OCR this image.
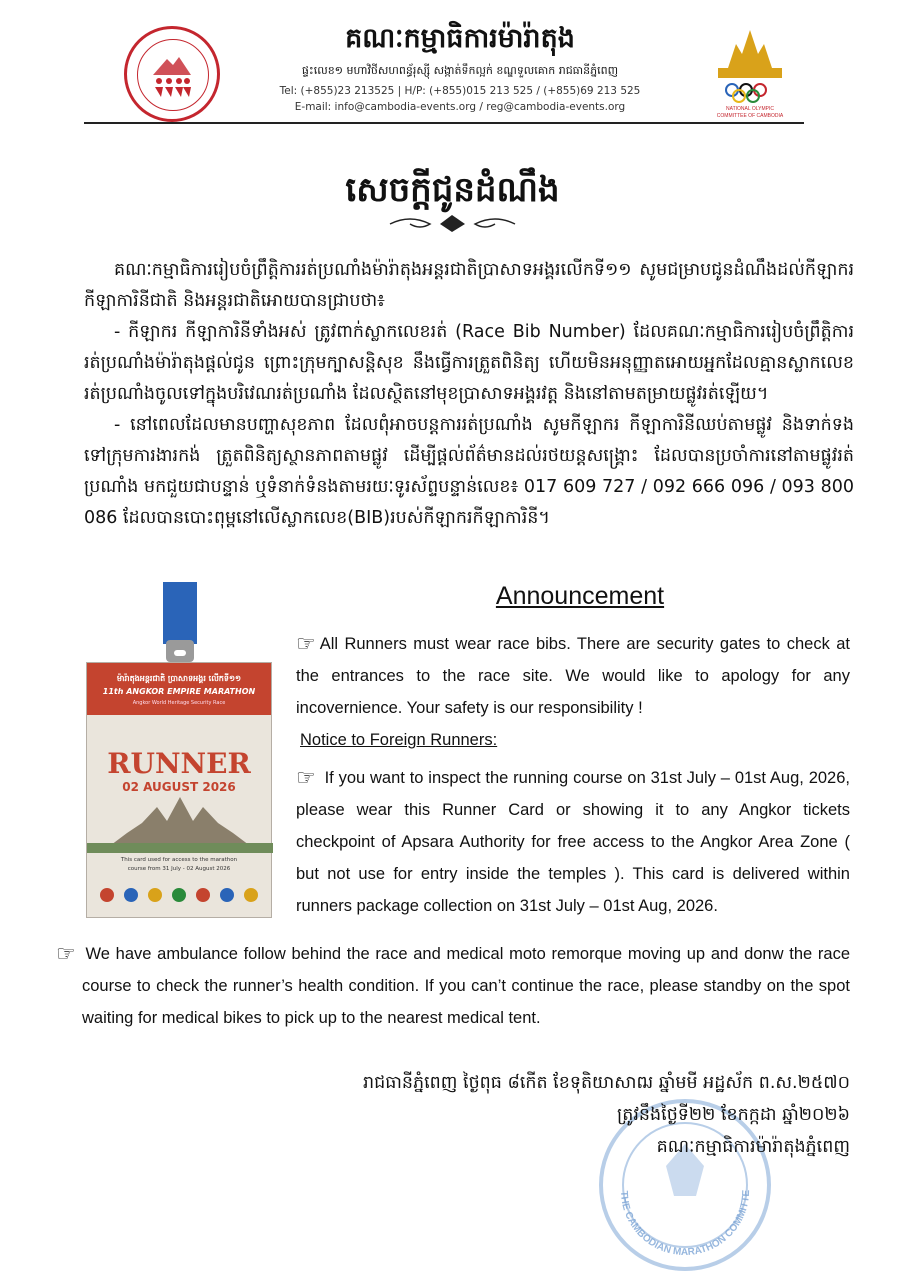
គណៈកម្មាធិការម៉ារ៉ាតុង
ផ្ទះលេខ១ មហាវិថីសហពន្ធ័រុស្ស៊ី សង្កាត់ទឹកល្អក់ ខណ្ឌទួលគោក រាជធានីភ្នំពេញ
Tel: (+855)23 213525 | H/P: (+855)015 213 525 / (+855)69 213 525
E-mail: info@cambodia-events.org / reg@cambodia-events.org	NATIONAL OLYMPIC
COMMITTEE OF CAMBODIA
សេចក្តីជូនដំណឹង

គណៈកម្មាធិការរៀបចំព្រឹត្តិការរត់ប្រណាំងម៉ារ៉ាតុងអន្តរជាតិប្រាសាទអង្គរលើកទី១១ សូមជម្រាបជូនដំណឹងដល់កីឡាករ កីឡាការិនីជាតិ និងអន្តរជាតិអោយបានជ្រាបថា៖

- កីឡាករ កីឡាការិនីទាំងអស់ ត្រូវពាក់ស្លាកលេខរត់ (Race Bib Number) ដែលគណៈកម្មាធិការរៀបចំព្រឹត្តិការរត់ប្រណាំងម៉ារ៉ាតុងផ្តល់ជូន ព្រោះក្រុមក្បាសន្តិសុខ នឹងធ្វើការត្រួតពិនិត្យ ហើយមិនអនុញ្ញាតអោយអ្នកដែលគ្មានស្លាកលេខរត់ប្រណាំងចូលទៅក្នុងបរិវេណរត់ប្រណាំង ដែលស្ថិតនៅមុខប្រាសាទអង្គរវត្ត និងនៅតាមតម្រាយផ្លូវរត់ឡើយ។

- នៅពេលដែលមានបញ្ហាសុខភាព ដែលពុំអាចបន្តការរត់ប្រណាំង សូមកីឡាករ កីឡាការិនីឈប់តាមផ្លូវ និងទាក់ទងទៅក្រុមការងារកង់ ត្រួតពិនិត្យស្ថានភាពតាមផ្លូវ ដើម្បីផ្តល់ព័ត៌មានដល់រថយន្តសង្គ្រោះ ដែលបានប្រចាំការនៅតាមផ្លូវរត់ប្រណាំង មកជួយជាបន្ទាន់ ឬទំនាក់ទំនងតាមរយៈទូរស័ព្ទបន្ទាន់លេខ៖ 017 609 727 / 092 666 096 / 093 800 086 ដែលបានបោះពុម្ពនៅលើស្លាកលេខ(BIB)របស់កីឡាករកីឡាការិនី។

Announcement
ម៉ារ៉ាតុងអន្តរជាតិ ប្រាសាទអង្គរ លើកទី១១
11th ANGKOR EMPIRE MARATHON
Angkor World Heritage Security Race
RUNNER
02 AUGUST 2026
This card used for access to the marathon
course from 31 July - 02 August 2026
☞ All Runners must wear race bibs. There are security gates to check at the entrances to the race site. We would like to apology for any incovernience. Your safety is our responsibility !
Notice to Foreign Runners:
☞ If you want to inspect the running course on 31st July – 01st Aug, 2026, please wear this Runner Card or showing it to any Angkor tickets checkpoint of Apsara Authority for free access to the Angkor Area Zone ( but not use for entry inside the temples ). This card is delivered within runners package collection on 31st July – 01st Aug, 2026.
☞ We have ambulance follow behind the race and medical moto remorque moving up and donw the race course to check the runner’s health condition. If you can’t continue the race, please standby on the spot waiting for medical bikes to pick up to the nearest medical tent.
THE CAMBODIAN MARATHON COMMITTE
រាជធានីភ្នំពេញ ថ្ងៃពុធ ៨កើត ខែទុតិយាសាឍ ឆ្នាំមមី អដ្ឋស័ក ព.ស.២៥៧០
ត្រូវនឹងថ្ងៃទី២២ ខែកក្កដា ឆ្នាំ២០២៦
គណៈកម្មាធិការម៉ារ៉ាតុងភ្នំពេញ
